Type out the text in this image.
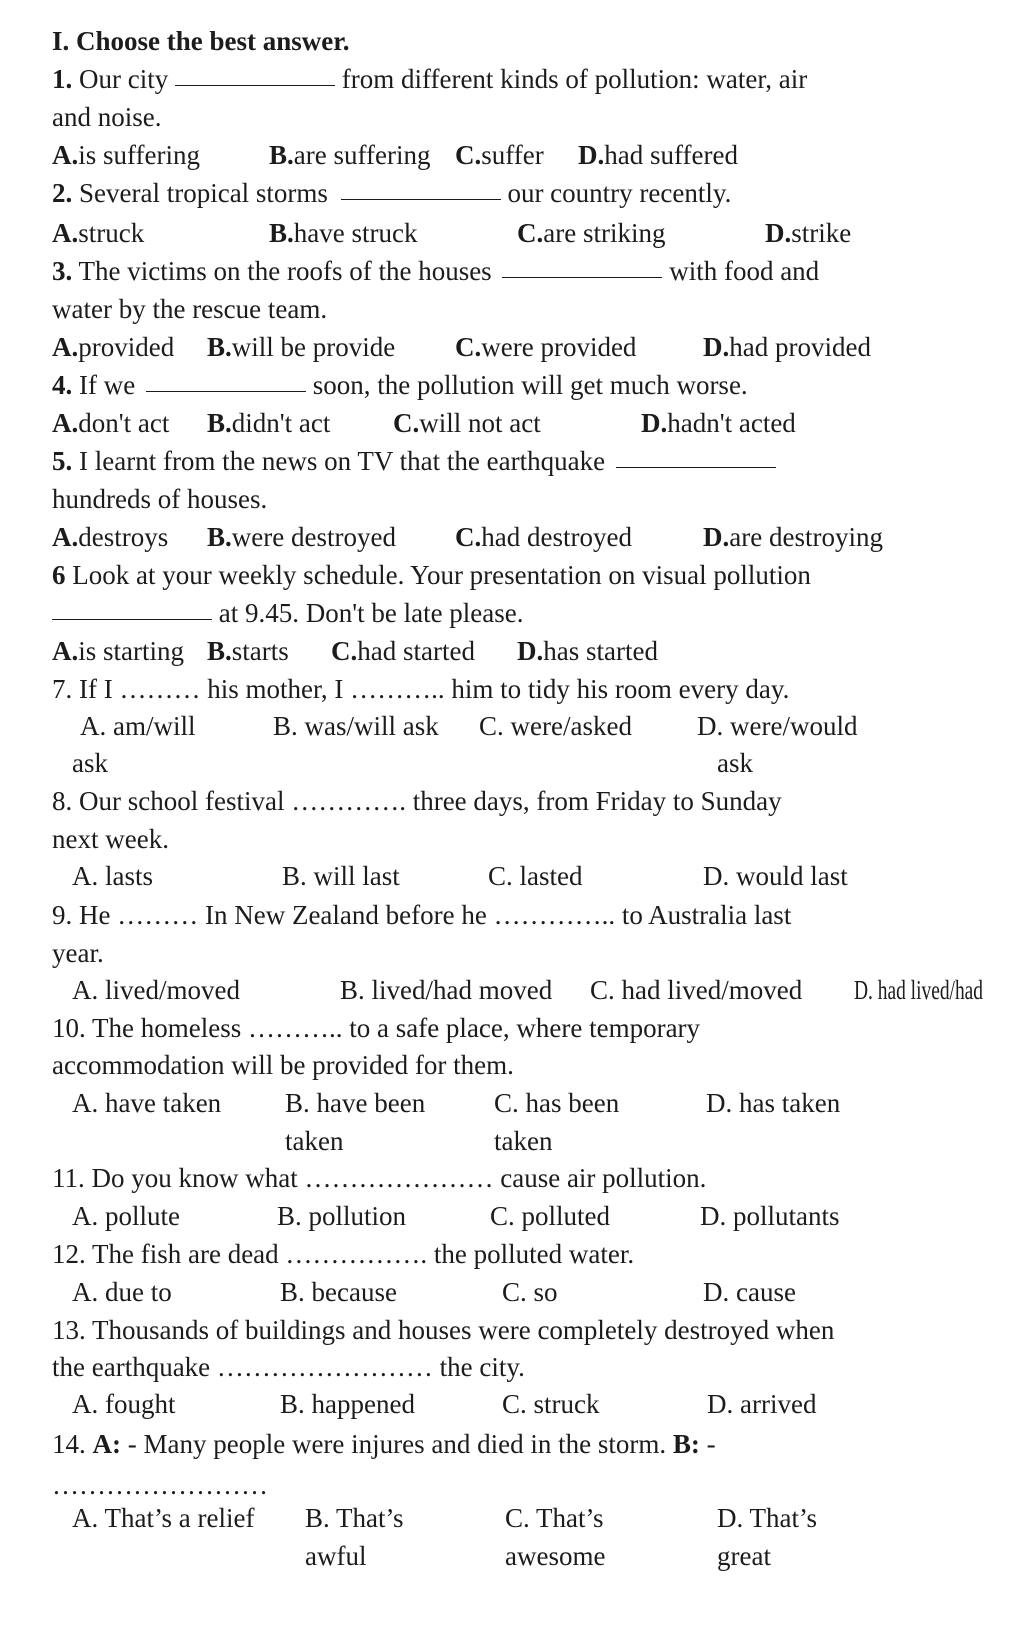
I. Choose the best answer.
1. Our city	from different kinds of pollution: water, air
and noise.
A.is suffering	B.are suffering C.suffer D.had suffered
2. Several tropical storms	our country recently.
A.struck	B.have struck	C.are striking	D.strike
3. The victims on the roofs of the houses	with food and
water by the rescue team.
A.provided B.will be provide C.were provided D.had provided
4. If we	soon, the pollution will get much worse.
A.don't act B.didn't act C.will not act	D.hadn't acted
5. I learnt from the news on TV that the earthquake
hundreds of houses.
A.destroys B.were destroyed C.had destroyed	D.are destroying
6 Look at your weekly schedule. Your presentation on visual pollution
at 9.45. Don't be late please.
A.is starting B.starts C.had started D.has started
7. If I ……… his mother, I ……….. him to tidy his room every day.
A. am/will	B. was/will ask C. were/asked D. were/would
ask	ask
8. Our school festival …………. three days, from Friday to Sunday
next week.
A. lasts	B. will last	C. lasted	D. would last
9. He ……… In New Zealand before he ………….. to Australia last
year.
A. lived/moved	B. lived/had moved C. had lived/moved D. had lived/had
10. The homeless ……….. to a safe place, where temporary
accommodation will be provided for them.
A. have taken B. have been	C. has been	D. has taken
taken	taken
11. Do you know what ………………… cause air pollution.
A. pollute	B. pollution	C. polluted	D. pollutants
12. The fish are dead ……………. the polluted water.
A. due to	B. because	C. so	D. cause
13. Thousands of buildings and houses were completely destroyed when
the earthquake …………………… the city.
A. fought	B. happened	C. struck	D. arrived
14. A: - Many people were injures and died in the storm. B: -
……………………
A. That’s a relief B. That’s	C. That’s	D. That’s
awful	awesome	great
